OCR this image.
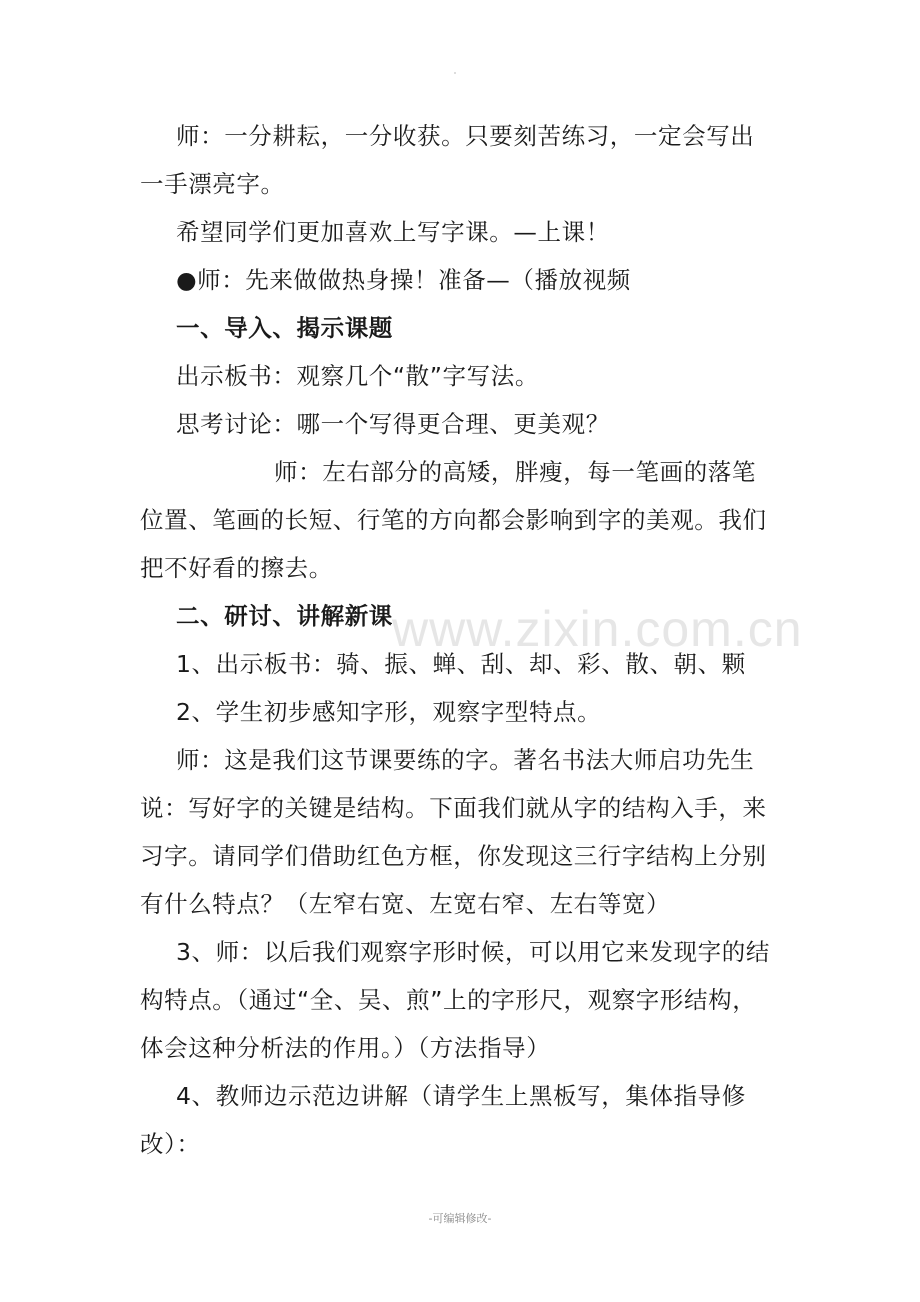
师：一分耕耘，一分收获。只要刻苦练习，一定会写出
一手漂亮字。
希望同学们更加喜欢上写字课。—上课！
●师：先来做做热身操！准备—（播放视频
一、导入、揭示课题
出示板书：观察几个“散”字写法。
思考讨论：哪一个写得更合理、更美观？
师：左右部分的高矮，胖瘦，每一笔画的落笔
位置、笔画的长短、行笔的方向都会影响到字的美观。我们
把不好看的擦去。
二、研讨、讲解新课
1、出示板书：骑、振、蝉、刮、却、彩、散、朝、颗
2、学生初步感知字形，观察字型特点。
师：这是我们这节课要练的字。著名书法大师启功先生
说：写好字的关键是结构。下面我们就从字的结构入手，来
习字。请同学们借助红色方框，你发现这三行字结构上分别
有什么特点？（左窄右宽、左宽右窄、左右等宽）
3、师：以后我们观察字形时候，可以用它来发现字的结
构特点。（通过“全、吴、煎”上的字形尺，观察字形结构，
体会这种分析法的作用。）（方法指导）
4、教师边示范边讲解（请学生上黑板写，集体指导修
改）：
www.zixin.com.cn
-可编辑修改-
